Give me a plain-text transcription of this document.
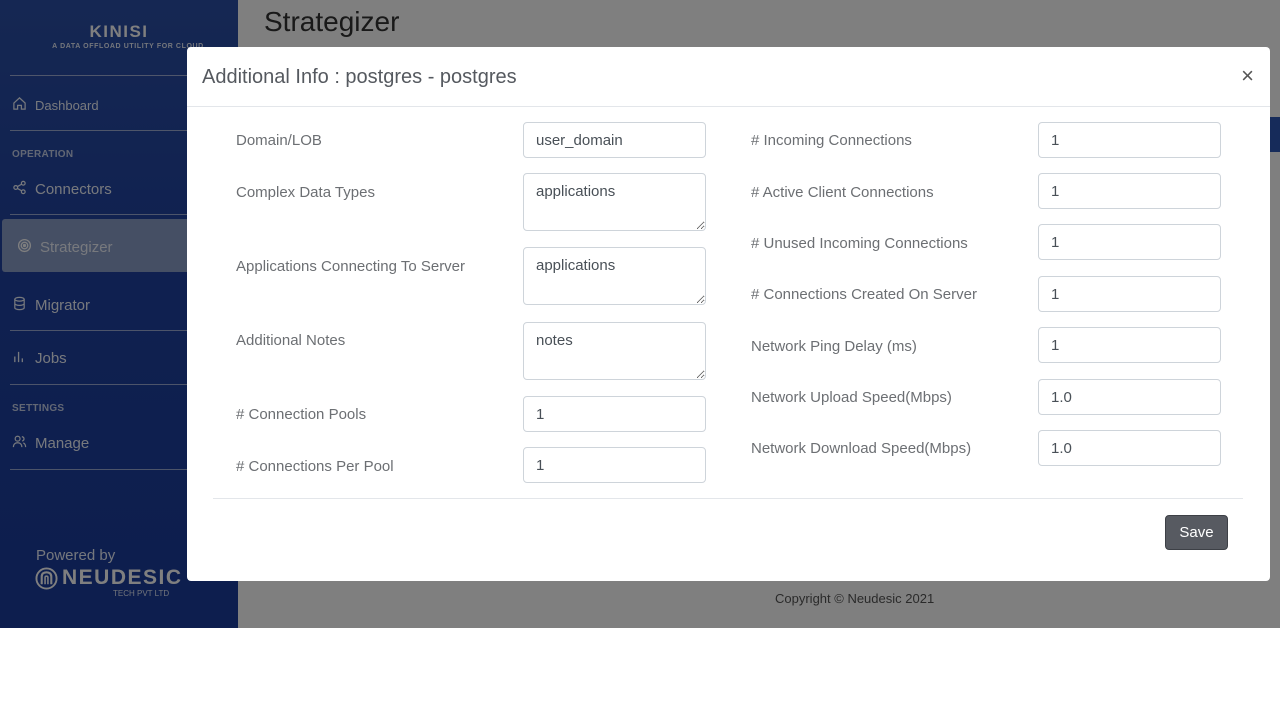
Additional Info : postgres - postgres	×
Domain/LOB
user_domain
Complex Data Types
applications
Applications Connecting To Server
applications
Additional Notes
notes
# Connection Pools
1
# Connections Per Pool
1
# Incoming Connections
1
# Active Client Connections
1
# Unused Incoming Connections
1
# Connections Created On Server
1
Network Ping Delay (ms)
1
Network Upload Speed(Mbps)
1.0
Network Download Speed(Mbps)
1.0
Save
